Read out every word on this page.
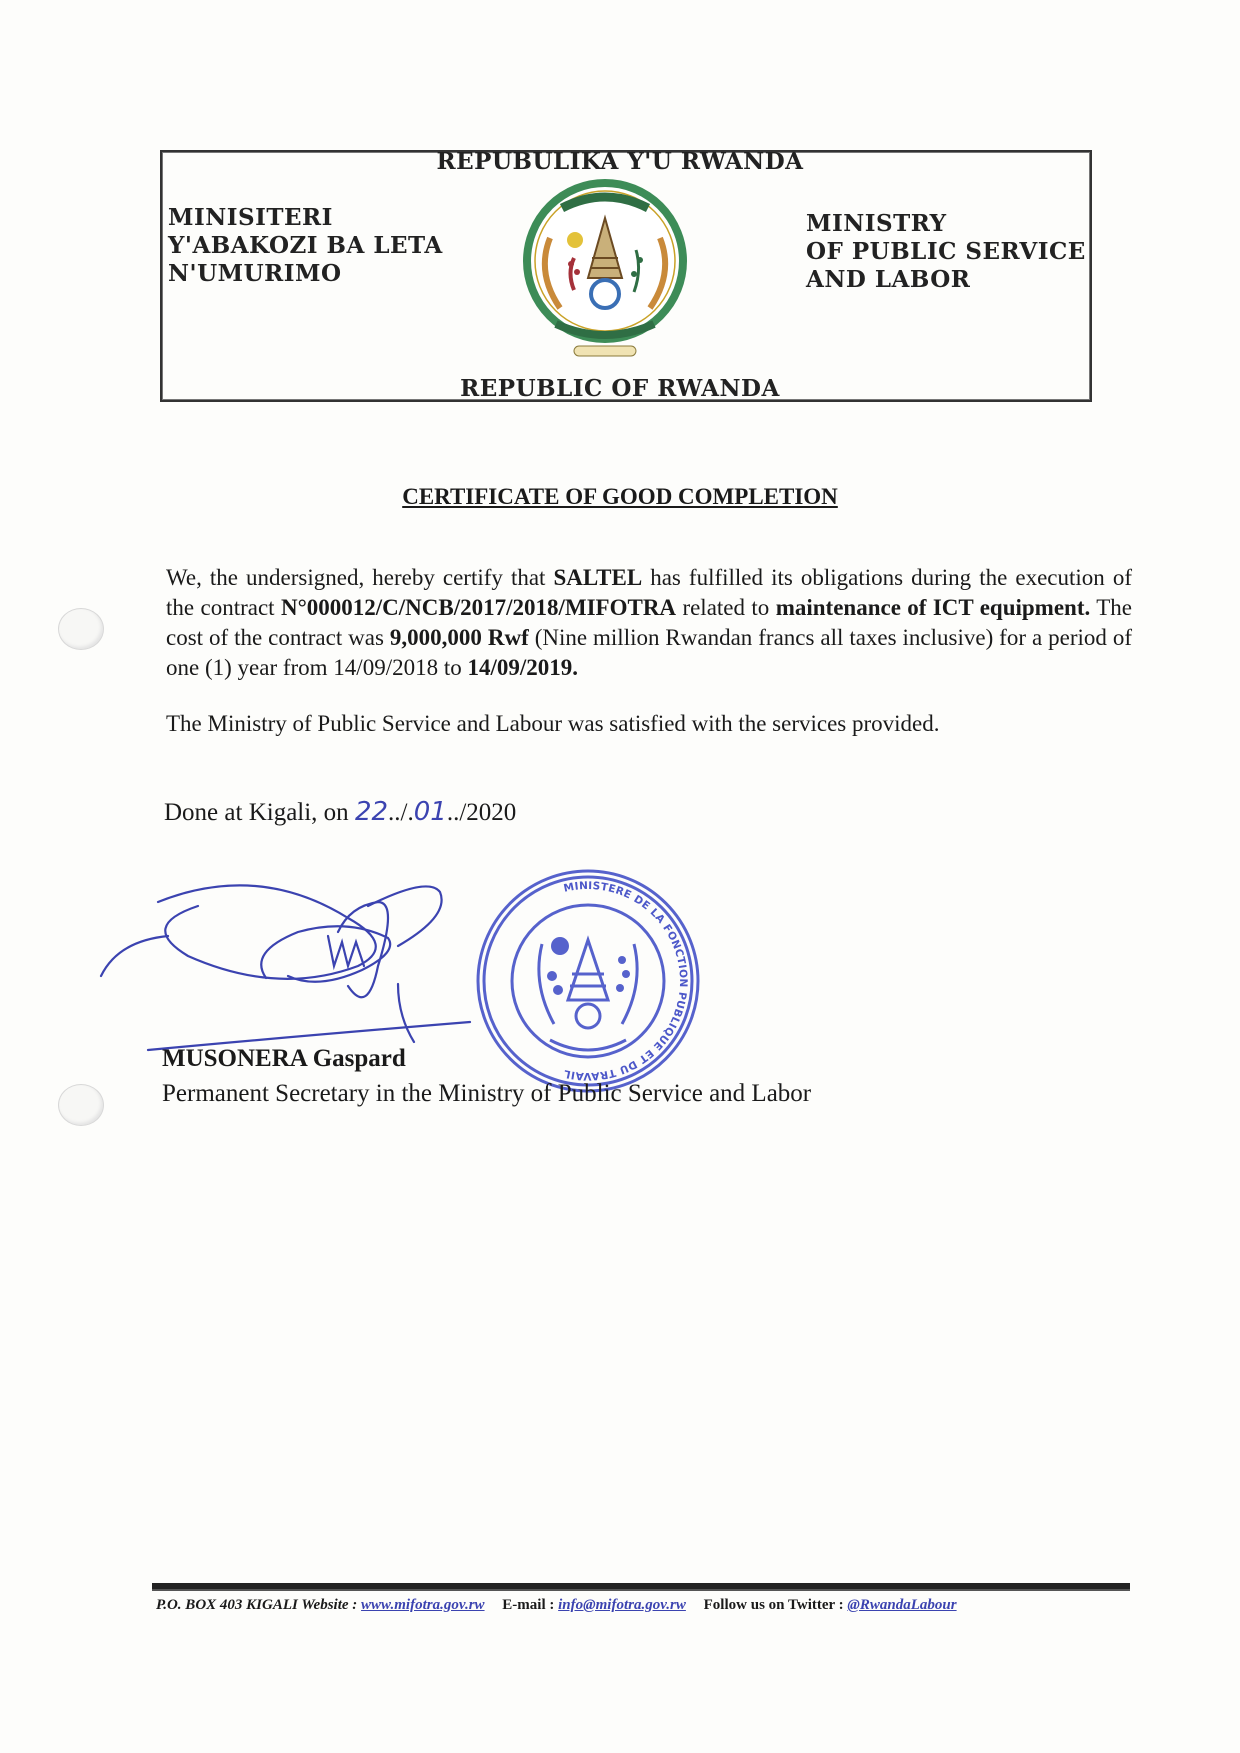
REPUBULIKA Y'U RWANDA
MINISITERI
Y'ABAKOZI BA LETA
N'UMURIMO
MINISTRY
OF PUBLIC SERVICE
AND LABOR
REPUBLIC OF RWANDA
CERTIFICATE OF GOOD COMPLETION

We, the undersigned, hereby certify that SALTEL has fulfilled its obligations during the execution of the contract N°000012/C/NCB/2017/2018/MIFOTRA related to maintenance of ICT equipment. The cost of the contract was 9,000,000 Rwf (Nine million Rwandan francs all taxes inclusive) for a period of one (1) year from 14/09/2018 to 14/09/2019.

The Ministry of Public Service and Labour was satisfied with the services provided.

Done at Kigali, on 22../.01../2020
MINISTERE DE LA FONCTION PUBLIQUE ET DU TRAVAIL
MUSONERA Gaspard
Permanent Secretary in the Ministry of Public Service and Labor
P.O. BOX 403 KIGALI Website : www.mifotra.gov.rw E-mail : info@mifotra.gov.rw Follow us on Twitter : @RwandaLabour
